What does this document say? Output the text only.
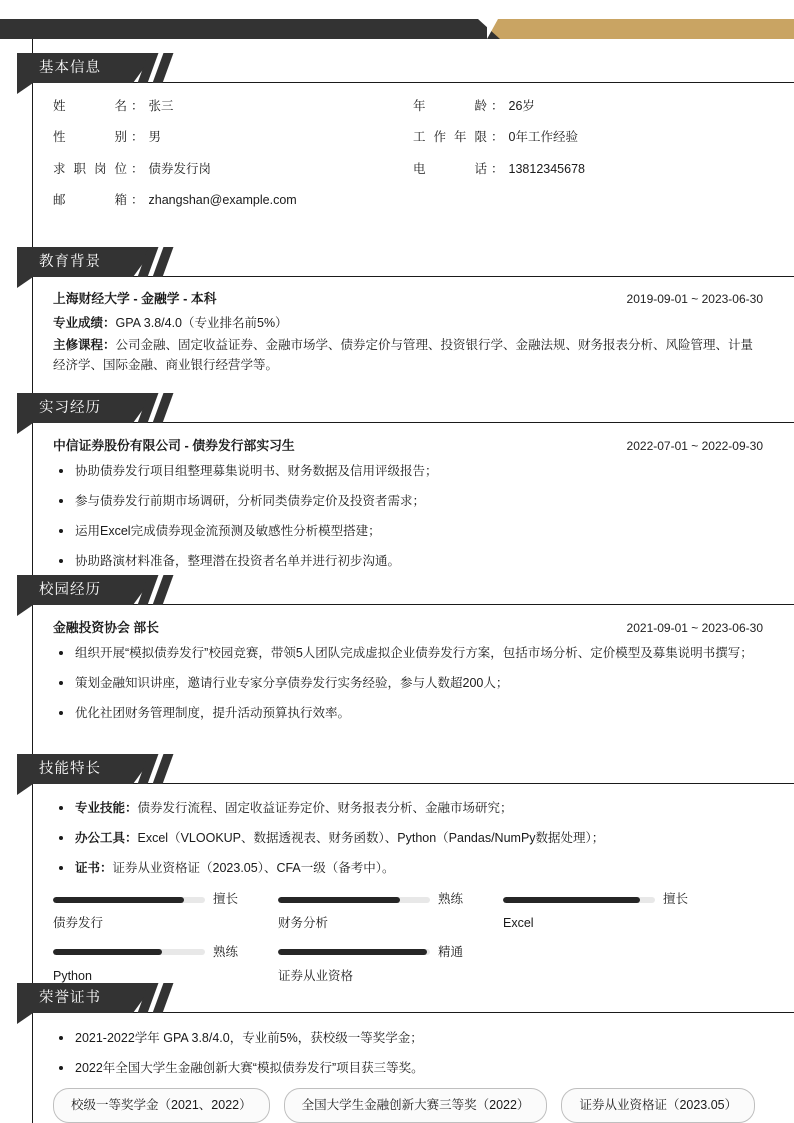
基本信息
姓名 ： 张三	年龄 ： 26岁
性别 ： 男	工作年限 ： 0年工作经验
求职岗位 ： 债券发行岗	电话 ： 13812345678
邮箱 ： zhangshan@example.com
教育背景
上海财经大学 - 金融学 - 本科	2019-09-01 ~ 2023-06-30
专业成绩：GPA 3.8/4.0（专业排名前5%）
主修课程：公司金融、固定收益证券、金融市场学、债券定价与管理、投资银行学、金融法规、财务报表分析、风险管理、计量经济学、国际金融、商业银行经营学等。
实习经历
中信证券股份有限公司 - 债券发行部实习生	2022-07-01 ~ 2022-09-30
协助债券发行项目组整理募集说明书、财务数据及信用评级报告；
参与债券发行前期市场调研，分析同类债券定价及投资者需求；
运用Excel完成债券现金流预测及敏感性分析模型搭建；
协助路演材料准备，整理潜在投资者名单并进行初步沟通。
校园经历
金融投资协会 部长	2021-09-01 ~ 2023-06-30
组织开展“模拟债券发行”校园竞赛，带领5人团队完成虚拟企业债券发行方案，包括市场分析、定价模型及募集说明书撰写；
策划金融知识讲座，邀请行业专家分享债券发行实务经验，参与人数超200人；
优化社团财务管理制度，提升活动预算执行效率。
技能特长
专业技能：债券发行流程、固定收益证券定价、财务报表分析、金融市场研究；
办公工具：Excel（VLOOKUP、数据透视表、财务函数）、Python（Pandas/NumPy数据处理）；
证书：证券从业资格证（2023.05）、CFA一级（备考中）。
擅长
债券发行
熟练
财务分析
擅长
Excel
熟练
Python
精通
证券从业资格
荣誉证书
2021-2022学年 GPA 3.8/4.0，专业前5%，获校级一等奖学金；
2022年全国大学生金融创新大赛“模拟债券发行”项目获三等奖。
校级一等奖学金（2021、2022）	全国大学生金融创新大赛三等奖（2022）	证券从业资格证（2023.05）
